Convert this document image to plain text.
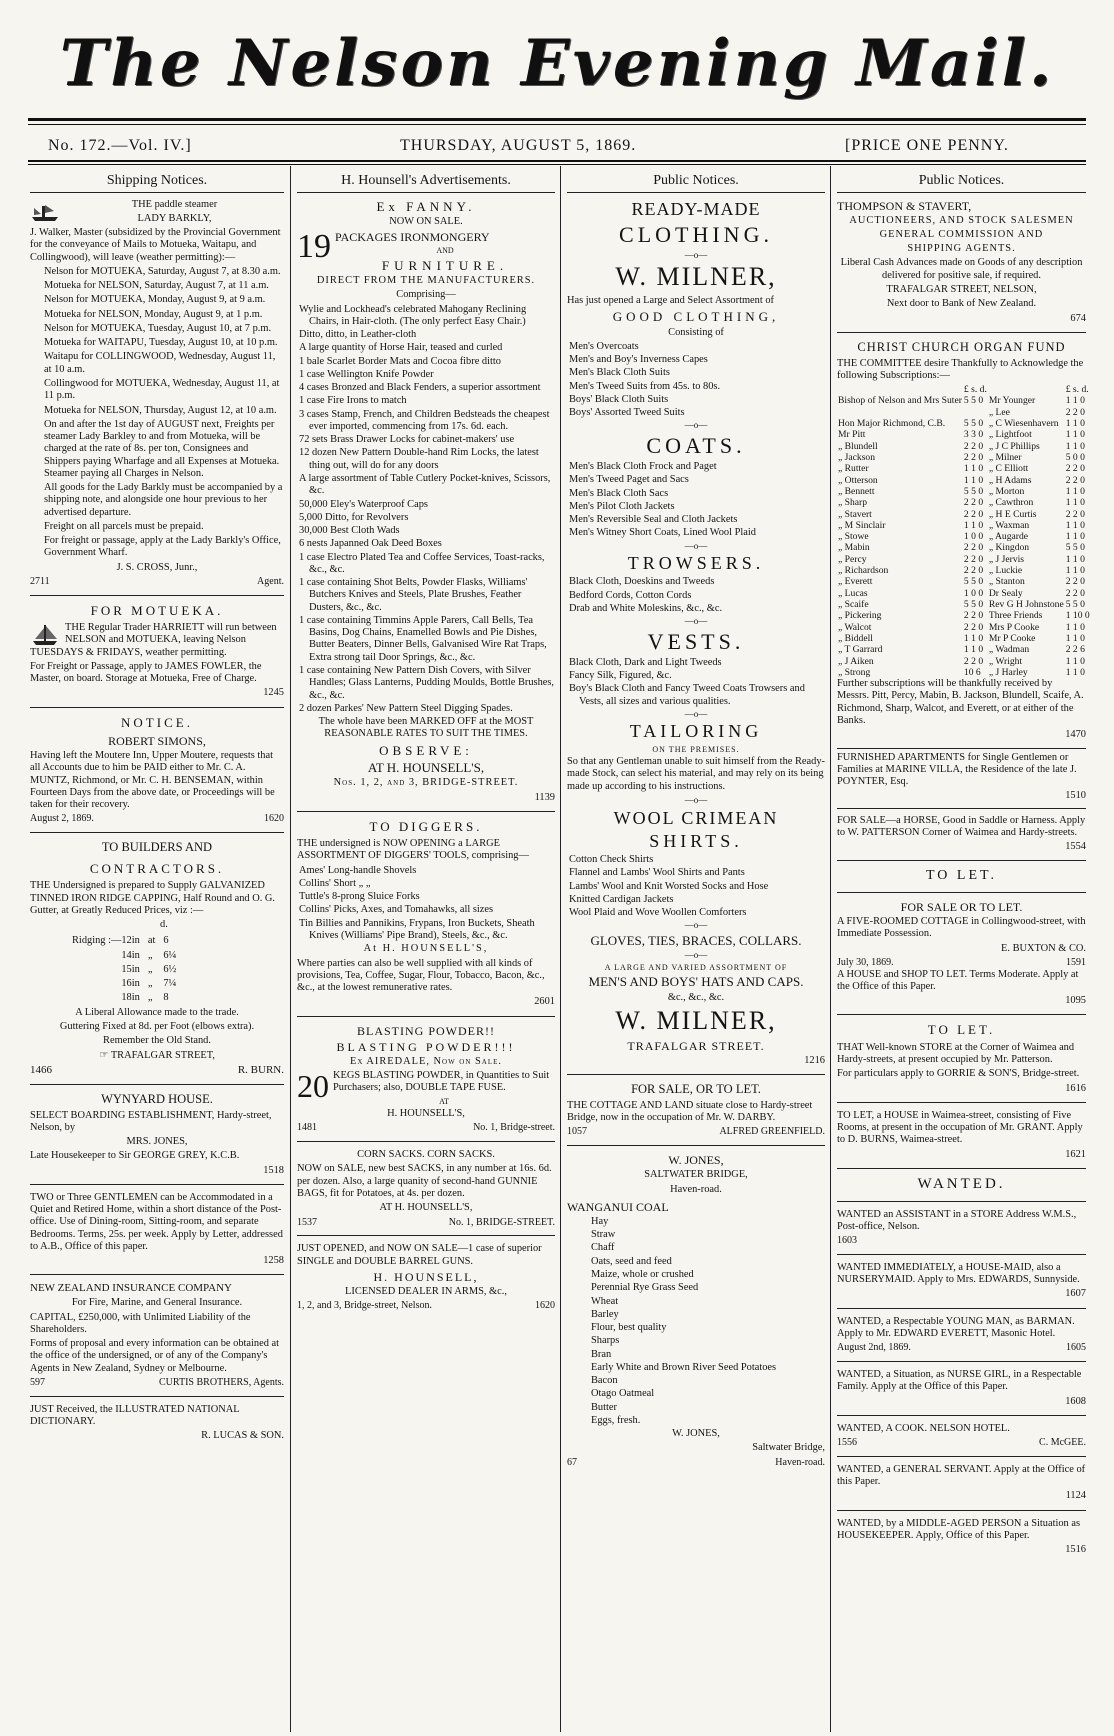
The Nelson Evening Mail.
No. 172.—Vol. IV.]	THURSDAY, AUGUST 5, 1869.	[PRICE ONE PENNY.
Shipping Notices.

THE paddle steamer

LADY BARKLY,

J. Walker, Master (subsidized by the Provincial Government for the conveyance of Mails to Motueka, Waitapu, and Collingwood), will leave (weather permitting):—

Nelson for MOTUEKA, Saturday, August 7, at 8.30 a.m.

Motueka for NELSON, Saturday, August 7, at 11 a.m.

Nelson for MOTUEKA, Monday, August 9, at 9 a.m.

Motueka for NELSON, Monday, August 9, at 1 p.m.

Nelson for MOTUEKA, Tuesday, August 10, at 7 p.m.

Motueka for WAITAPU, Tuesday, August 10, at 10 p.m.

Waitapu for COLLINGWOOD, Wednesday, August 11, at 10 a.m.

Collingwood for MOTUEKA, Wednesday, August 11, at 11 p.m.

Motueka for NELSON, Thursday, August 12, at 10 a.m.

On and after the 1st day of AUGUST next, Freights per steamer Lady Barkley to and from Motueka, will be charged at the rate of 8s. per ton, Consignees and Shippers paying Wharfage and all Expenses at Motueka. Steamer paying all Charges in Nelson.

All goods for the Lady Barkly must be accompanied by a shipping note, and alongside one hour previous to her advertised departure.

Freight on all parcels must be prepaid.

For freight or passage, apply at the Lady Barkly's Office, Government Wharf.

J. S. CROSS, Junr.,

2711	Agent.
FOR MOTUEKA.

THE Regular Trader HARRIETT will run between NELSON and MOTUEKA, leaving Nelson TUESDAYS & FRIDAYS, weather permitting.

For Freight or Passage, apply to JAMES FOWLER, the Master, on board. Storage at Motueka, Free of Charge.

1245

NOTICE.

ROBERT SIMONS,

Having left the Moutere Inn, Upper Moutere, requests that all Accounts due to him be PAID either to Mr. C. A. MUNTZ, Richmond, or Mr. C. H. BENSEMAN, within Fourteen Days from the above date, or Proceedings will be taken for their recovery.

August 2, 1869.	1620
TO BUILDERS AND
CONTRACTORS.

THE Undersigned is prepared to Supply GALVANIZED TINNED IRON RIDGE CAPPING, Half Round and O. G. Gutter, at Greatly Reduced Prices, viz :—

d.

Ridging :—12in	at	6
14in	„	6¼
15in	„	6½
16in	„	7¼
18in	„	8

A Liberal Allowance made to the trade.

Guttering Fixed at 8d. per Foot (elbows extra).

Remember the Old Stand.

☞ TRAFALGAR STREET,

1466	R. BURN.
WYNYARD HOUSE.

SELECT BOARDING ESTABLISHMENT, Hardy-street, Nelson, by

MRS. JONES,

Late Housekeeper to Sir GEORGE GREY, K.C.B.

1518

TWO or Three GENTLEMEN can be Accommodated in a Quiet and Retired Home, within a short distance of the Post-office. Use of Dining-room, Sitting-room, and separate Bedrooms. Terms, 25s. per week. Apply by Letter, addressed to A.B., Office of this paper.

1258

NEW ZEALAND INSURANCE COMPANY

For Fire, Marine, and General Insurance.

CAPITAL, £250,000, with Unlimited Liability of the Shareholders.

Forms of proposal and every information can be obtained at the office of the undersigned, or of any of the Company's Agents in New Zealand, Sydney or Melbourne.

597	CURTIS BROTHERS, Agents.

JUST Received, the ILLUSTRATED NATIONAL DICTIONARY.

R. LUCAS & SON.

H. Hounsell's Advertisements.

Ex FANNY.

NOW ON SALE.

19 PACKAGES IRONMONGERY

AND

FURNITURE.

DIRECT FROM THE MANUFACTURERS.

Comprising—

Wylie and Lockhead's celebrated Mahogany Reclining Chairs, in Hair-cloth. (The only perfect Easy Chair.)
Ditto, ditto, in Leather-cloth
A large quantity of Horse Hair, teased and curled
1 bale Scarlet Border Mats and Cocoa fibre ditto
1 case Wellington Knife Powder
4 cases Bronzed and Black Fenders, a superior assortment
1 case Fire Irons to match
3 cases Stamp, French, and Children Bedsteads the cheapest ever imported, commencing from 17s. 6d. each.
72 sets Brass Drawer Locks for cabinet-makers' use
12 dozen New Pattern Double-hand Rim Locks, the latest thing out, will do for any doors
A large assortment of Table Cutlery Pocket-knives, Scissors, &c.
50,000 Eley's Waterproof Caps
5,000 Ditto, for Revolvers
30,000 Best Cloth Wads
6 nests Japanned Oak Deed Boxes
1 case Electro Plated Tea and Coffee Services, Toast-racks, &c., &c.
1 case containing Shot Belts, Powder Flasks, Williams' Butchers Knives and Steels, Plate Brushes, Feather Dusters, &c., &c.
1 case containing Timmins Apple Parers, Call Bells, Tea Basins, Dog Chains, Enamelled Bowls and Pie Dishes, Butter Beaters, Dinner Bells, Galvanised Wire Rat Traps, Extra strong tail Door Springs, &c., &c.
1 case containing New Pattern Dish Covers, with Silver Handles; Glass Lanterns, Pudding Moulds, Bottle Brushes, &c., &c.
2 dozen Parkes' New Pattern Steel Digging Spades.

The whole have been MARKED OFF at the MOST REASONABLE RATES TO SUIT THE TIMES.

OBSERVE:

AT H. HOUNSELL'S,

Nos. 1, 2, and 3, BRIDGE-STREET.

1139

TO DIGGERS.

THE undersigned is NOW OPENING a LARGE ASSORTMENT OF DIGGERS' TOOLS, comprising—

Ames' Long-handle Shovels
Collins' Short „ „
Tuttle's 8-prong Sluice Forks
Collins' Picks, Axes, and Tomahawks, all sizes
Tin Billies and Pannikins, Frypans, Iron Buckets, Sheath Knives (Williams' Pipe Brand), Steels, &c., &c.

At H. HOUNSELL'S,

Where parties can also be well supplied with all kinds of provisions, Tea, Coffee, Sugar, Flour, Tobacco, Bacon, &c., &c., at the lowest remunerative rates.

2601

BLASTING POWDER!!

BLASTING POWDER!!!

Ex AIREDALE, Now on Sale.

20 KEGS BLASTING POWDER, in Quantities to Suit Purchasers; also, DOUBLE TAPE FUSE.

AT

H. HOUNSELL'S,

1481	No. 1, Bridge-street.

CORN SACKS. CORN SACKS.

NOW on SALE, new best SACKS, in any number at 16s. 6d. per dozen. Also, a large quanity of second-hand GUNNIE BAGS, fit for Potatoes, at 4s. per dozen.

AT H. HOUNSELL'S,

1537	No. 1, BRIDGE-STREET.

JUST OPENED, and NOW ON SALE—1 case of superior SINGLE and DOUBLE BARREL GUNS.

H. HOUNSELL,

LICENSED DEALER IN ARMS, &c.,

1, 2, and 3, Bridge-street, Nelson.	1620
Public Notices.

READY-MADE

CLOTHING.

—o—

W. MILNER,

Has just opened a Large and Select Assortment of

GOOD CLOTHING,

Consisting of

Men's Overcoats
Men's and Boy's Inverness Capes
Men's Black Cloth Suits
Men's Tweed Suits from 45s. to 80s.
Boys' Black Cloth Suits
Boys' Assorted Tweed Suits

—o—

COATS.

Men's Black Cloth Frock and Paget
Men's Tweed Paget and Sacs
Men's Black Cloth Sacs
Men's Pilot Cloth Jackets
Men's Reversible Seal and Cloth Jackets
Men's Witney Short Coats, Lined Wool Plaid

—o—

TROWSERS.

Black Cloth, Doeskins and Tweeds
Bedford Cords, Cotton Cords
Drab and White Moleskins, &c., &c.

—o—

VESTS.

Black Cloth, Dark and Light Tweeds
Fancy Silk, Figured, &c.
Boy's Black Cloth and Fancy Tweed Coats Trowsers and Vests, all sizes and various qualities.

—o—

TAILORING

ON THE PREMISES.

So that any Gentleman unable to suit himself from the Ready-made Stock, can select his material, and may rely on its being made up according to his instructions.

—o—

WOOL CRIMEAN

SHIRTS.

Cotton Check Shirts
Flannel and Lambs' Wool Shirts and Pants
Lambs' Wool and Knit Worsted Socks and Hose
Knitted Cardigan Jackets
Wool Plaid and Wove Woollen Comforters

—o—

GLOVES, TIES, BRACES, COLLARS.

—o—

A LARGE AND VARIED ASSORTMENT OF

MEN'S AND BOYS' HATS AND CAPS.

&c., &c., &c.

W. MILNER,

TRAFALGAR STREET.

1216

FOR SALE, OR TO LET.

THE COTTAGE AND LAND situate close to Hardy-street Bridge, now in the occupation of Mr. W. DARBY.

1057	ALFRED GREENFIELD.

W. JONES,

SALTWATER BRIDGE,

Haven-road.

WANGANUI COAL

Hay
Straw
Chaff
Oats, seed and feed
Maize, whole or crushed
Perennial Rye Grass Seed
Wheat
Barley
Flour, best quality
Sharps
Bran
Early White and Brown River Seed Potatoes
Bacon
Otago Oatmeal
Butter
Eggs, fresh.

W. JONES,

Saltwater Bridge,

67	Haven-road.
Public Notices.

THOMPSON & STAVERT,

AUCTIONEERS, AND STOCK SALESMEN

GENERAL COMMISSION AND

SHIPPING AGENTS.

Liberal Cash Advances made on Goods of any description delivered for positive sale, if required.

TRAFALGAR STREET, NELSON,

Next door to Bank of New Zealand.

674

CHRIST CHURCH ORGAN FUND

THE COMMITTEE desire Thankfully to Acknowledge the following Subscriptions:—

	£ s. d.		£ s. d.
Bishop of Nelson and Mrs Suter	5 5 0	Mr Younger	1 1 0
		„ Lee	2 2 0
Hon Major Richmond, C.B.	5 5 0	„ C Wiesenhavern	1 1 0
Mr Pitt	3 3 0	„ Lightfoot	1 1 0
„ Blundell	2 2 0	„ J C Phillips	1 1 0
„ Jackson	2 2 0	„ Milner	5 0 0
„ Rutter	1 1 0	„ C Elliott	2 2 0
„ Otterson	1 1 0	„ H Adams	2 2 0
„ Bennett	5 5 0	„ Morton	1 1 0
„ Sharp	2 2 0	„ Cawthron	1 1 0
„ Stavert	2 2 0	„ H E Curtis	2 2 0
„ M Sinclair	1 1 0	„ Waxman	1 1 0
„ Stowe	1 0 0	„ Augarde	1 1 0
„ Mabin	2 2 0	„ Kingdon	5 5 0
„ Percy	2 2 0	„ J Jervis	1 1 0
„ Richardson	2 2 0	„ Luckie	1 1 0
„ Everett	5 5 0	„ Stanton	2 2 0
„ Lucas	1 0 0	Dr Sealy	2 2 0
„ Scaife	5 5 0	Rev G H Johnstone	5 5 0
„ Pickering	2 2 0	Three Friends	1 10 0
„ Walcot	2 2 0	Mrs P Cooke	1 1 0
„ Biddell	1 1 0	Mr P Cooke	1 1 0
„ T Garrard	1 1 0	„ Wadman	2 2 6
„ J Aiken	2 2 0	„ Wright	1 1 0
„ Strong	10 6	„ J Harley	1 1 0

Further subscriptions will be thankfully received by Messrs. Pitt, Percy, Mabin, B. Jackson, Blundell, Scaife, A. Richmond, Sharp, Walcot, and Everett, or at either of the Banks.

1470

FURNISHED APARTMENTS for Single Gentlemen or Families at MARINE VILLA, the Residence of the late J. POYNTER, Esq.

1510

FOR SALE—a HORSE, Good in Saddle or Harness. Apply to W. PATTERSON Corner of Waimea and Hardy-streets.

1554

TO LET.

FOR SALE OR TO LET.

A FIVE-ROOMED COTTAGE in Collingwood-street, with Immediate Possession.

E. BUXTON & CO.

July 30, 1869.	1591

A HOUSE and SHOP TO LET. Terms Moderate. Apply at the Office of this Paper.

1095

TO LET.

THAT Well-known STORE at the Corner of Waimea and Hardy-streets, at present occupied by Mr. Patterson.

For particulars apply to GORRIE & SON'S, Bridge-street.

1616

TO LET, a HOUSE in Waimea-street, consisting of Five Rooms, at present in the occupation of Mr. GRANT. Apply to D. BURNS, Waimea-street.

1621

WANTED.

WANTED an ASSISTANT in a STORE Address W.M.S., Post-office, Nelson.

1603

WANTED IMMEDIATELY, a HOUSE-MAID, also a NURSERYMAID. Apply to Mrs. EDWARDS, Sunnyside.

1607

WANTED, a Respectable YOUNG MAN, as BARMAN. Apply to Mr. EDWARD EVERETT, Masonic Hotel.

August 2nd, 1869.	1605

WANTED, a Situation, as NURSE GIRL, in a Respectable Family. Apply at the Office of this Paper.

1608

WANTED, A COOK. NELSON HOTEL.

1556	C. McGEE.

WANTED, a GENERAL SERVANT. Apply at the Office of this Paper.

1124

WANTED, by a MIDDLE-AGED PERSON a Situation as HOUSEKEEPER. Apply, Office of this Paper.

1516
